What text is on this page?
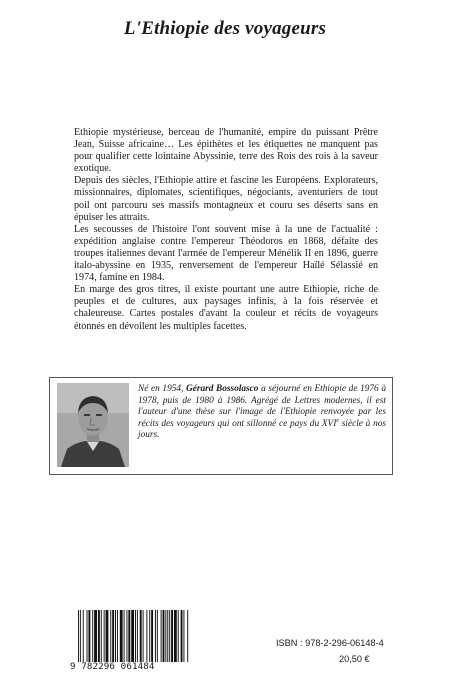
L'Ethiopie des voyageurs

Ethiopie mystérieuse, berceau de l'humanité, empire du puissant Prêtre Jean, Suisse africaine… Les épithètes et les étiquettes ne manquent pas pour qualifier cette lointaine Abyssinie, terre des Rois des rois à la saveur exotique.

Depuis des siècles, l'Ethiopie attire et fascine les Européens. Explorateurs, missionnaires, diplomates, scientifiques, négociants, aventuriers de tout poil ont parcouru ses massifs montagneux et couru ses déserts sans en épuiser les attraits.

Les secousses de l'histoire l'ont souvent mise à la une de l'actualité : expédition anglaise contre l'empereur Théodoros en 1868, défaite des troupes italiennes devant l'armée de l'empereur Ménélik II en 1896, guerre italo-abyssine en 1935, renversement de l'empereur Haïlé Sélassié en 1974, famine en 1984.

En marge des gros titres, il existe pourtant une autre Ethiopie, riche de peuples et de cultures, aux paysages infinis, à la fois réservée et chaleureuse. Cartes postales d'avant la couleur et récits de voyageurs étonnés en dévoilent les multiples facettes.

Né en 1954, Gérard Bossolasco a séjourné en Ethiopie de 1976 à 1978, puis de 1980 à 1986. Agrégé de Lettres modernes, il est l'auteur d'une thèse sur l'image de l'Ethiopie renvoyée par les récits des voyageurs qui ont sillonné ce pays du XVIe siècle à nos jours.
9 782296 061484
ISBN : 978-2-296-06148-4
20,50 €
